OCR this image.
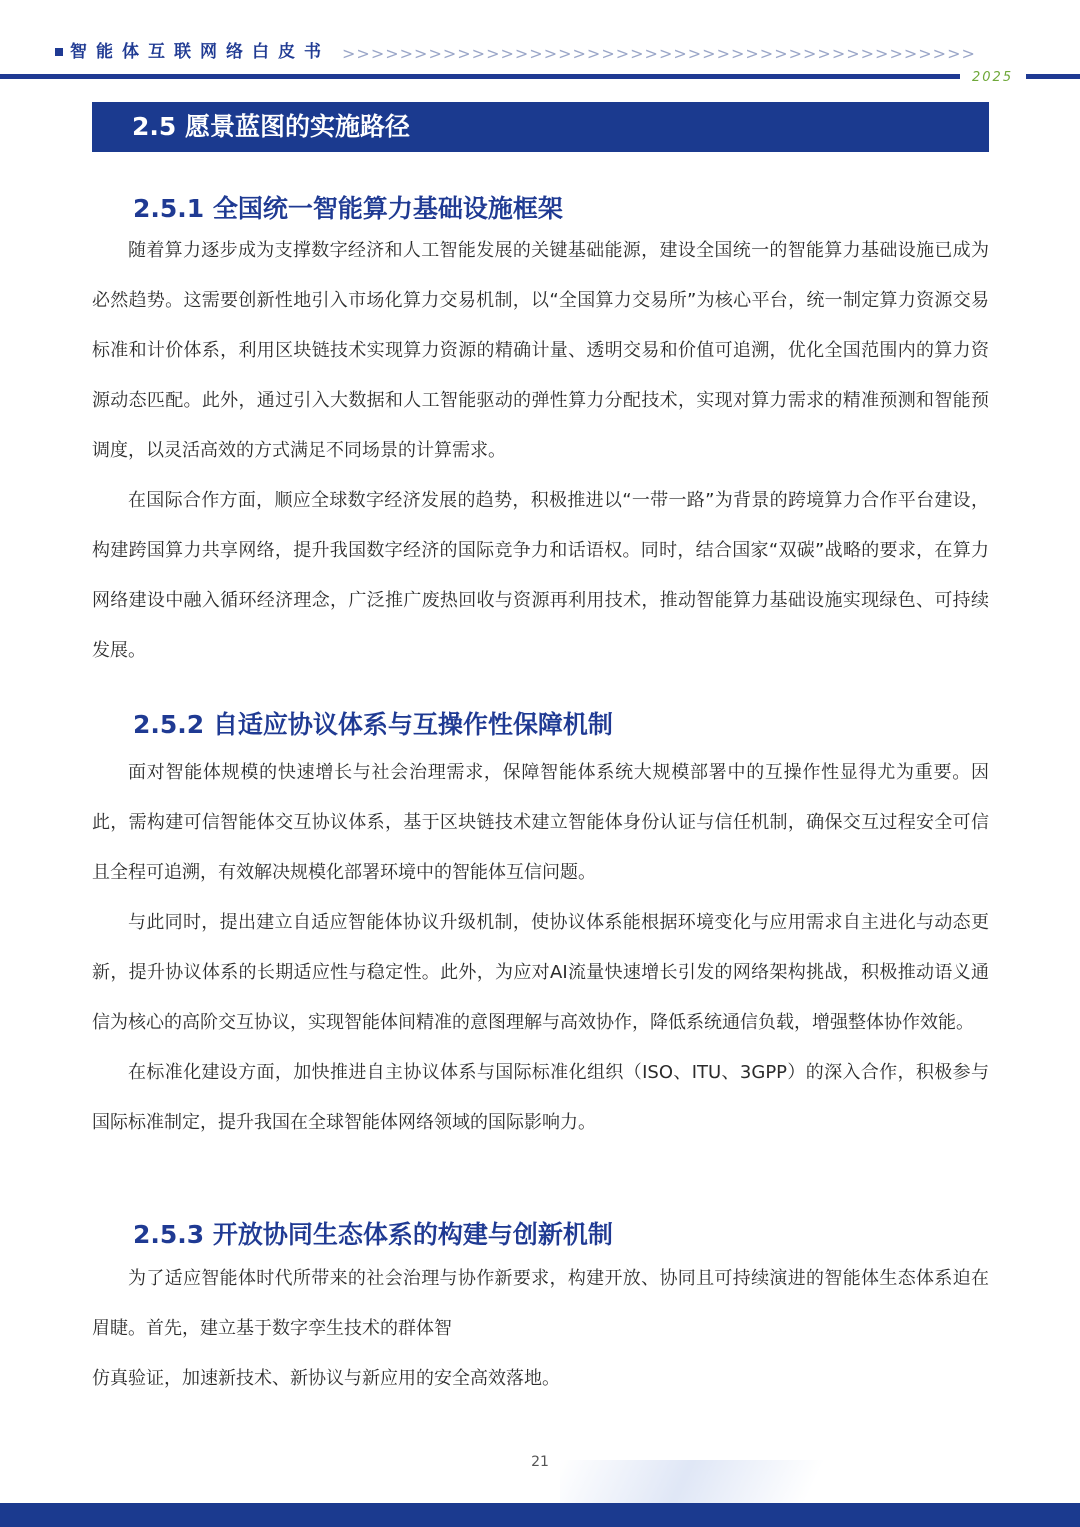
智能体互联网络白皮书 >>>>>>>>>>>>>>>>>>>>>>>>>>>>>>>>>>>>>>>>>>>>
2025
2.5 愿景蓝图的实施路径
2.5.1 全国统一智能算力基础设施框架

随着算力逐步成为支撑数字经济和人工智能发展的关键基础能源，建设全国统一的智能算力基础设施已成为必然趋势。这需要创新性地引入市场化算力交易机制，以“全国算力交易所”为核心平台，统一制定算力资源交易标准和计价体系，利用区块链技术实现算力资源的精确计量、透明交易和价值可追溯，优化全国范围内的算力资源动态匹配。此外，通过引入大数据和人工智能驱动的弹性算力分配技术，实现对算力需求的精准预测和智能预调度，以灵活高效的方式满足不同场景的计算需求。

在国际合作方面，顺应全球数字经济发展的趋势，积极推进以“一带一路”为背景的跨境算力合作平台建设，构建跨国算力共享网络，提升我国数字经济的国际竞争力和话语权。同时，结合国家“双碳”战略的要求，在算力网络建设中融入循环经济理念，广泛推广废热回收与资源再利用技术，推动智能算力基础设施实现绿色、可持续发展。

2.5.2 自适应协议体系与互操作性保障机制

面对智能体规模的快速增长与社会治理需求，保障智能体系统大规模部署中的互操作性显得尤为重要。因此，需构建可信智能体交互协议体系，基于区块链技术建立智能体身份认证与信任机制，确保交互过程安全可信且全程可追溯，有效解决规模化部署环境中的智能体互信问题。

与此同时，提出建立自适应智能体协议升级机制，使协议体系能根据环境变化与应用需求自主进化与动态更新，提升协议体系的长期适应性与稳定性。此外，为应对AI流量快速增长引发的网络架构挑战，积极推动语义通信为核心的高阶交互协议，实现智能体间精准的意图理解与高效协作，降低系统通信负载，增强整体协作效能。

在标准化建设方面，加快推进自主协议体系与国际标准化组织（ISO、ITU、3GPP）的深入合作，积极参与国际标准制定，提升我国在全球智能体网络领域的国际影响力。

2.5.3 开放协同生态体系的构建与创新机制

为了适应智能体时代所带来的社会治理与协作新要求，构建开放、协同且可持续演进的智能体生态体系迫在眉睫。首先，建立基于数字孪生技术的群体智

仿真验证，加速新技术、新协议与新应用的安全高效落地。

21
